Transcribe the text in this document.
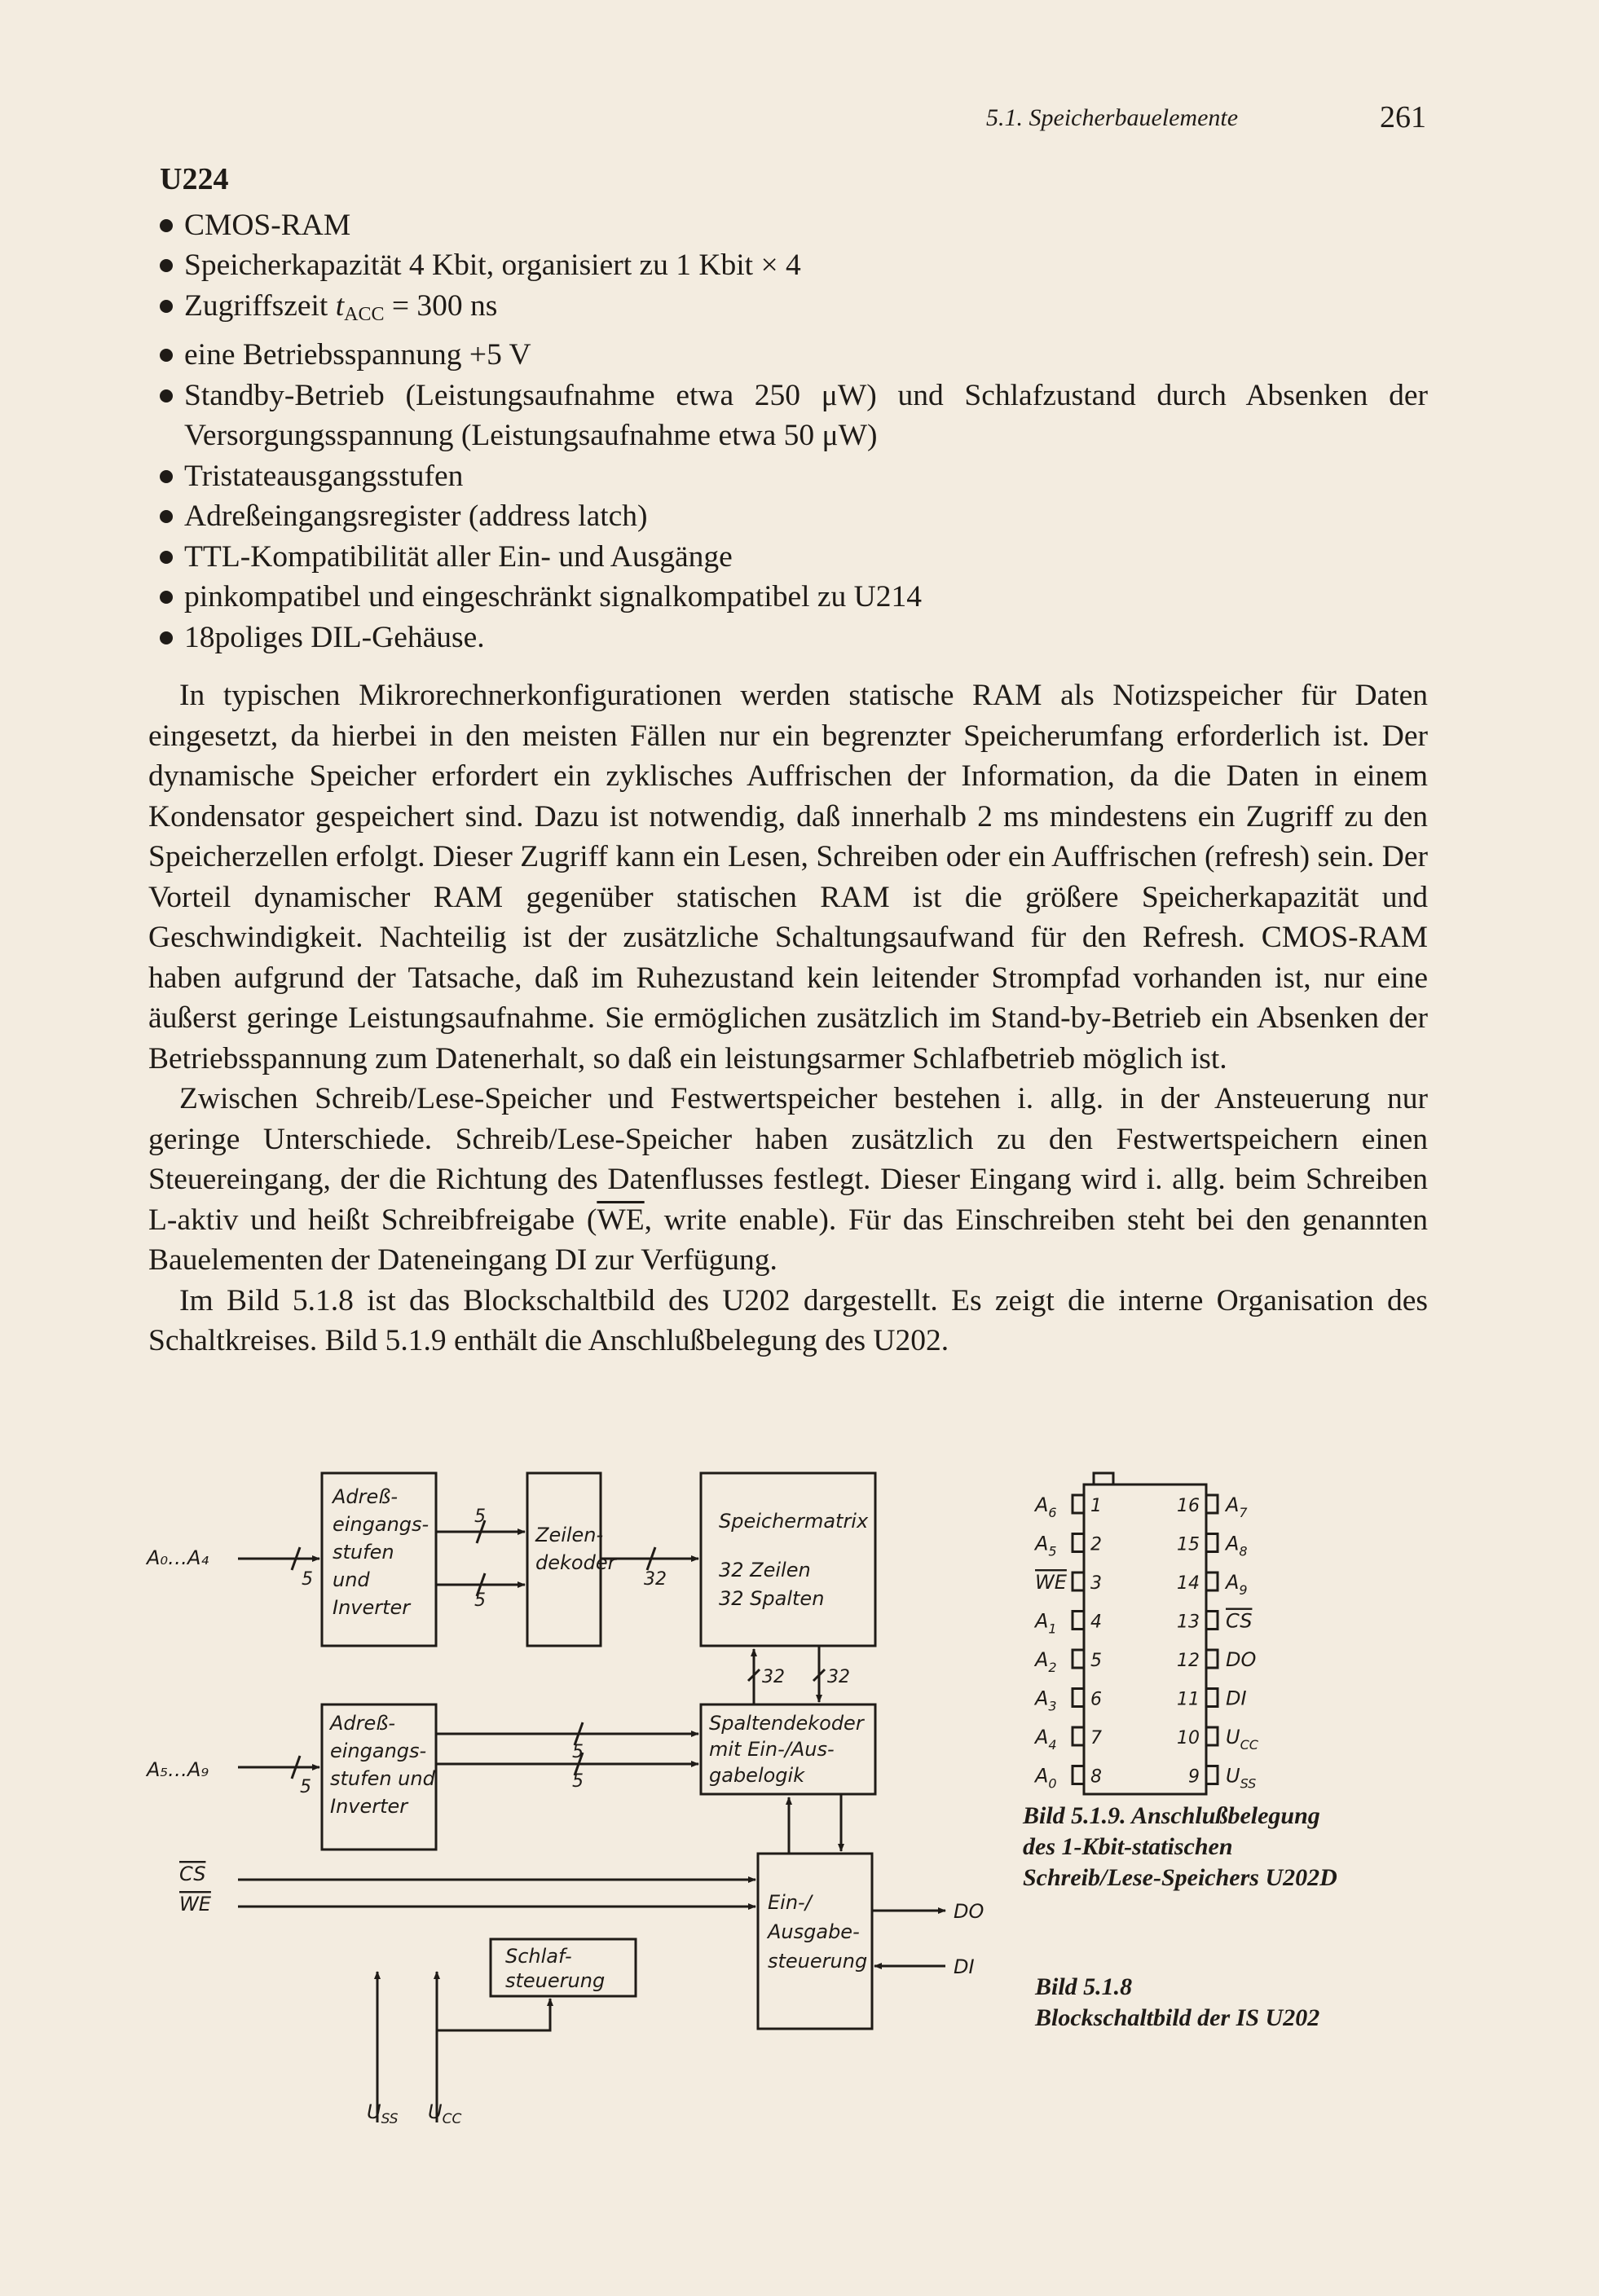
5.1. Speicherbauelemente	261
U224
CMOS-RAM
Speicherkapazität 4 Kbit, organisiert zu 1 Kbit × 4
Zugriffszeit $t_{ACC} = 300$ ns
eine Betriebsspannung +5 V
Standby-Betrieb (Leistungsaufnahme etwa 250 μW) und Schlafzustand durch Absenken der Versorgungsspannung (Leistungsaufnahme etwa 50 μW)
Tristateausgangsstufen
Adreßeingangsregister (address latch)
TTL-Kompatibilität aller Ein- und Ausgänge
pinkompatibel und eingeschränkt signalkompatibel zu U214
18poliges DIL-Gehäuse.

In typischen Mikrorechnerkonfigurationen werden statische RAM als Notizspeicher für Daten eingesetzt, da hierbei in den meisten Fällen nur ein begrenzter Speicherumfang erforderlich ist. Der dynamische Speicher erfordert ein zyklisches Auffrischen der Information, da die Daten in einem Kondensator gespeichert sind. Dazu ist notwendig, daß innerhalb 2 ms mindestens ein Zugriff zu den Speicherzellen erfolgt. Dieser Zugriff kann ein Lesen, Schreiben oder ein Auffrischen (refresh) sein. Der Vorteil dynamischer RAM gegenüber statischen RAM ist die größere Speicherkapazität und Geschwindigkeit. Nachteilig ist der zusätzliche Schaltungsaufwand für den Refresh. CMOS-RAM haben aufgrund der Tatsache, daß im Ruhezustand kein leitender Strompfad vorhanden ist, nur eine äußerst geringe Leistungsaufnahme. Sie ermöglichen zusätzlich im Stand-by-Betrieb ein Absenken der Betriebsspannung zum Datenerhalt, so daß ein leistungsarmer Schlafbetrieb möglich ist.

Zwischen Schreib/Lese-Speicher und Festwertspeicher bestehen i. allg. in der Ansteuerung nur geringe Unterschiede. Schreib/Lese-Speicher haben zusätzlich zu den Festwertspeichern einen Steuereingang, der die Richtung des Datenflusses festlegt. Dieser Eingang wird i. allg. beim Schreiben L-aktiv und heißt Schreibfreigabe ($\overline{WE}$, write enable). Für das Einschreiben steht bei den genannten Bauelementen der Dateneingang DI zur Verfügung.

Im Bild 5.1.8 ist das Blockschaltbild des U202 dargestellt. Es zeigt die interne Organisation des Schaltkreises. Bild 5.1.9 enthält die Anschlußbelegung des U202.

Adreß-
eingangs-
stufen
und
Inverter
Zeilen-
dekoder
Speichermatrix
32 Zeilen
32 Spalten
Adreß-
eingangs-
stufen und
Inverter
Spaltendekoder
mit Ein-/Aus-
gabelogik
Ein-/
Ausgabe-
steuerung
Schlaf-
steuerung
A₀…A₄
A₅…A₉
CS
WE
$U_{SS}$ $U_{CC}$
DO
DI
5
5
5
32
32 32
5
5
5
1
$A_6$
2
$A_5$
3
WE
4
$A_1$
5
$A_2$
6
$A_3$
7
$A_4$
8
$A_0$
16 $A_7$
15 $A_8$
14 $A_9$
13 CS
12 DO
11 DI
10 $U_{CC}$
9 $U_{SS}$
Bild 5.1.9. Anschlußbelegung
des 1-Kbit-statischen
Schreib/Lese-Speichers U202D
Bild 5.1.8
Blockschaltbild der IS U202
